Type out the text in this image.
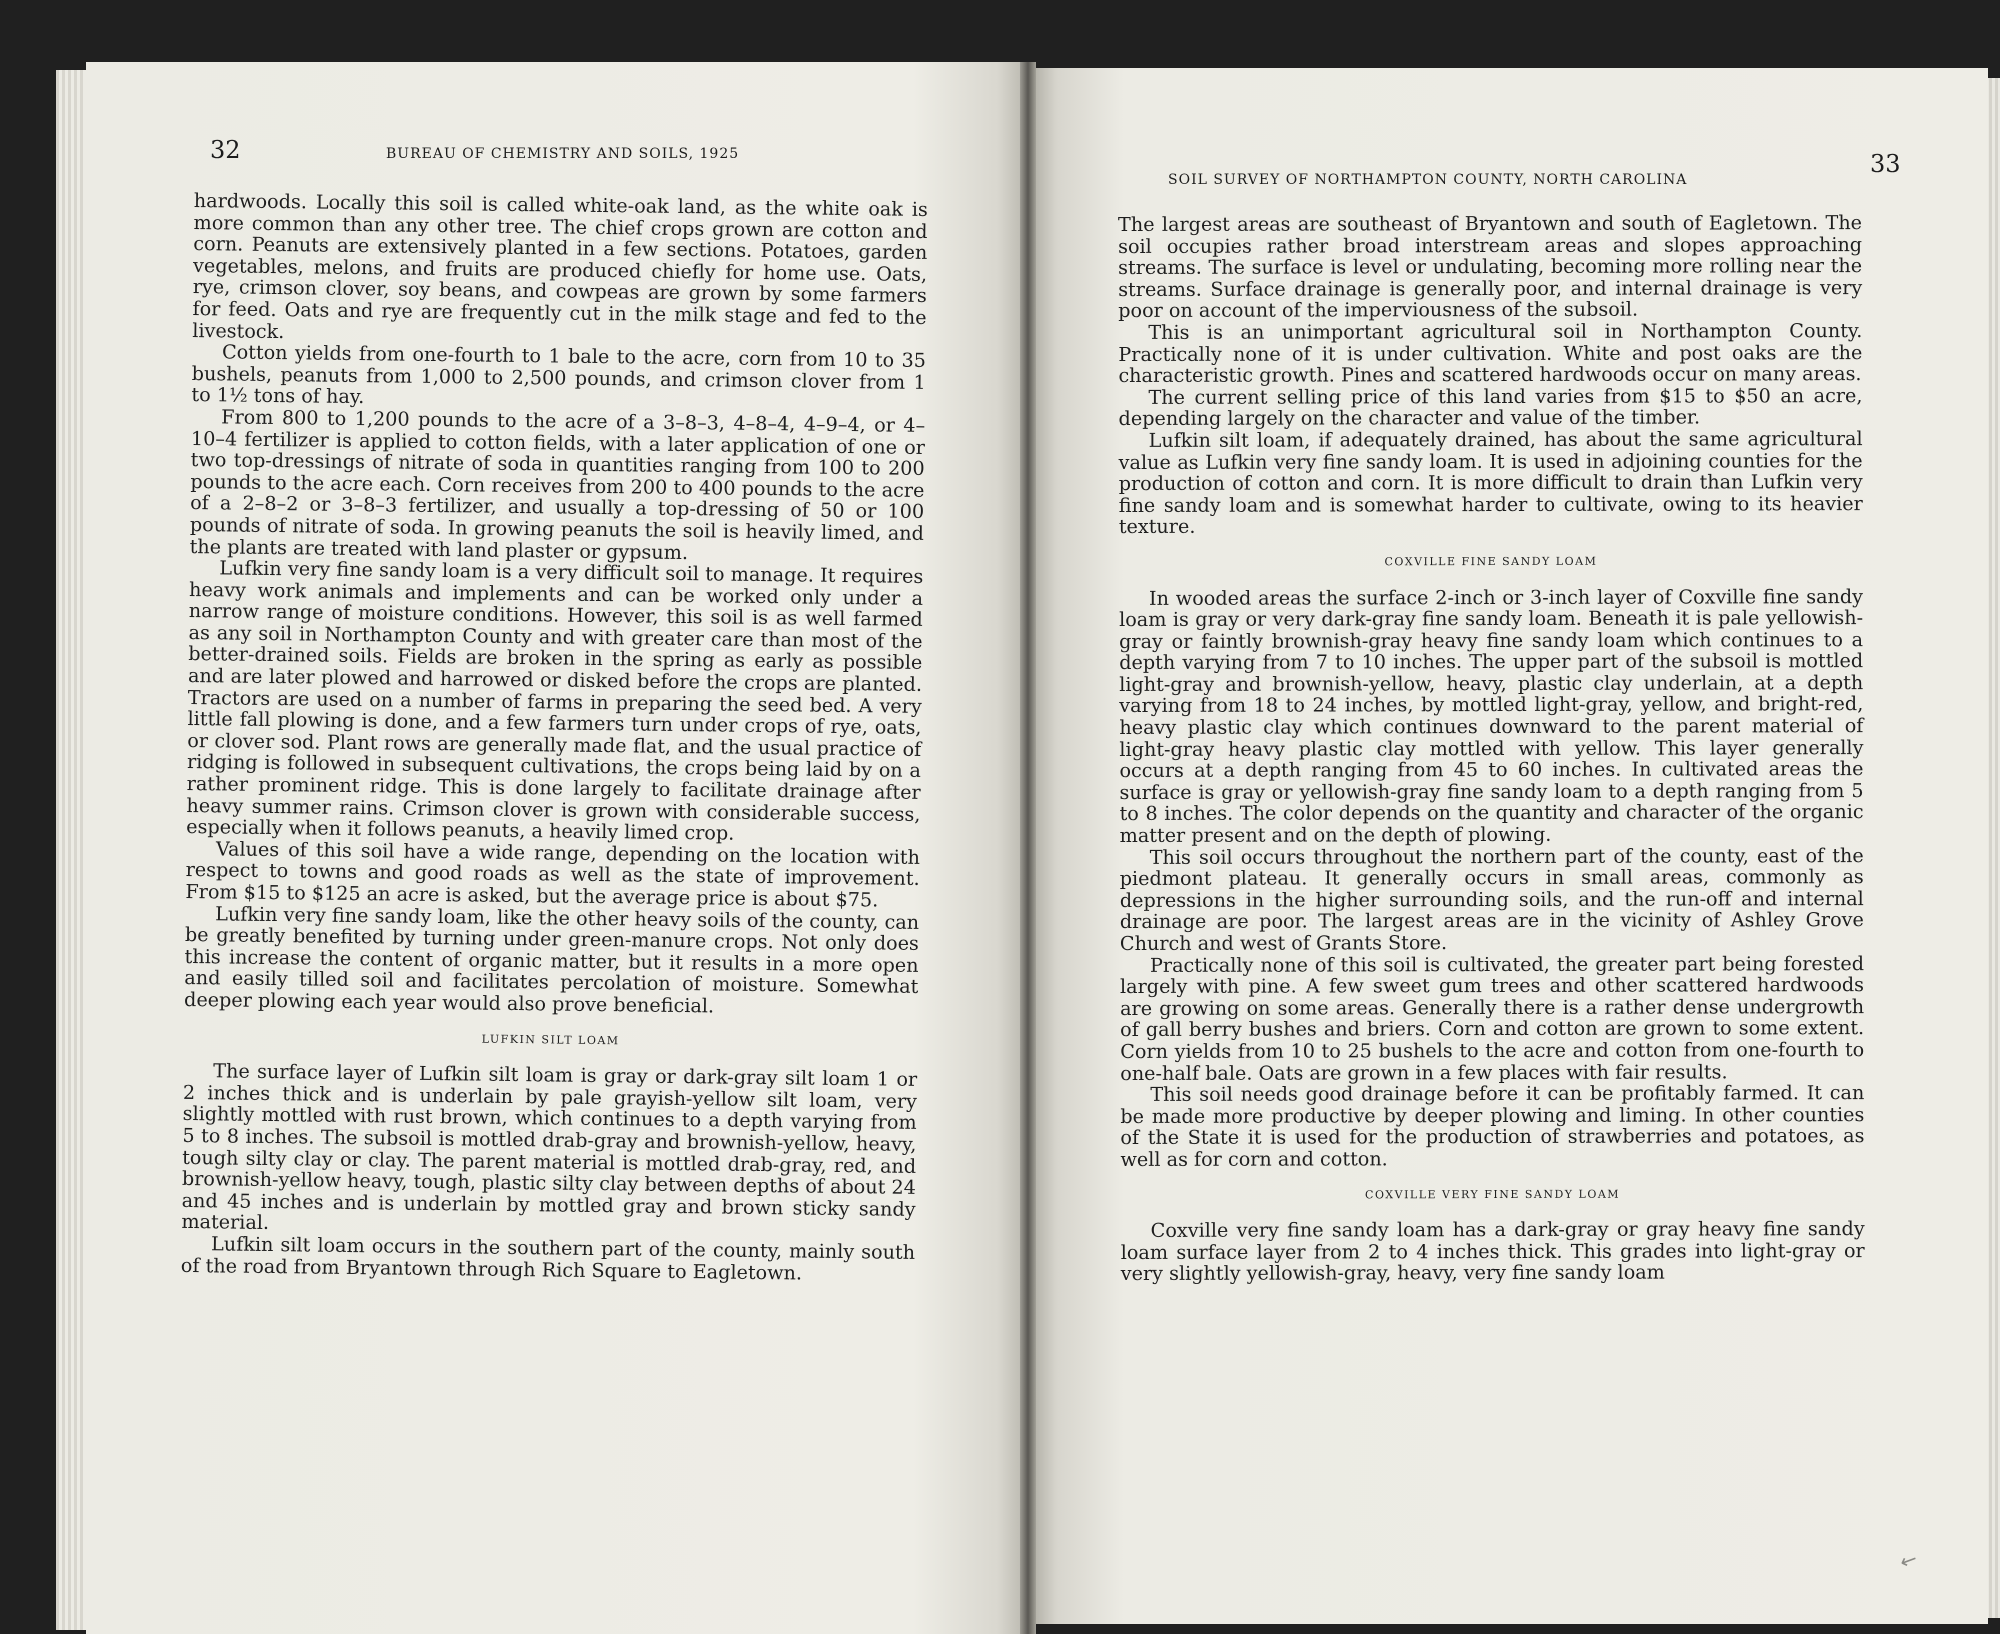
32	BUREAU OF CHEMISTRY AND SOILS, 1925

hardwoods. Locally this soil is called white-oak land, as the white oak is more common than any other tree. The chief crops grown are cotton and corn. Peanuts are extensively planted in a few sections. Potatoes, garden vegetables, melons, and fruits are produced chiefly for home use. Oats, rye, crimson clover, soy beans, and cowpeas are grown by some farmers for feed. Oats and rye are frequently cut in the milk stage and fed to the livestock.

Cotton yields from one-fourth to 1 bale to the acre, corn from 10 to 35 bushels, peanuts from 1,000 to 2,500 pounds, and crimson clover from 1 to 1½ tons of hay.

From 800 to 1,200 pounds to the acre of a 3–8–3, 4–8–4, 4–9–4, or 4–10–4 fertilizer is applied to cotton fields, with a later application of one or two top-dressings of nitrate of soda in quantities ranging from 100 to 200 pounds to the acre each. Corn receives from 200 to 400 pounds to the acre of a 2–8–2 or 3–8–3 fertilizer, and usually a top-dressing of 50 or 100 pounds of nitrate of soda. In growing peanuts the soil is heavily limed, and the plants are treated with land plaster or gypsum.

Lufkin very fine sandy loam is a very difficult soil to manage. It requires heavy work animals and implements and can be worked only under a narrow range of moisture conditions. However, this soil is as well farmed as any soil in Northampton County and with greater care than most of the better-drained soils. Fields are broken in the spring as early as possible and are later plowed and harrowed or disked before the crops are planted. Tractors are used on a number of farms in preparing the seed bed. A very little fall plowing is done, and a few farmers turn under crops of rye, oats, or clover sod. Plant rows are generally made flat, and the usual practice of ridging is followed in subsequent cultivations, the crops being laid by on a rather prominent ridge. This is done largely to facilitate drainage after heavy summer rains. Crimson clover is grown with considerable success, especially when it follows peanuts, a heavily limed crop.

Values of this soil have a wide range, depending on the location with respect to towns and good roads as well as the state of improvement. From $15 to $125 an acre is asked, but the average price is about $75.

Lufkin very fine sandy loam, like the other heavy soils of the county, can be greatly benefited by turning under green-manure crops. Not only does this increase the content of organic matter, but it results in a more open and easily tilled soil and facilitates percolation of moisture. Somewhat deeper plowing each year would also prove beneficial.

LUFKIN SILT LOAM

The surface layer of Lufkin silt loam is gray or dark-gray silt loam 1 or 2 inches thick and is underlain by pale grayish-yellow silt loam, very slightly mottled with rust brown, which continues to a depth varying from 5 to 8 inches. The subsoil is mottled drab-gray and brownish-yellow, heavy, tough silty clay or clay. The parent material is mottled drab-gray, red, and brownish-yellow heavy, tough, plastic silty clay between depths of about 24 and 45 inches and is underlain by mottled gray and brown sticky sandy material.

Lufkin silt loam occurs in the southern part of the county, mainly south of the road from Bryantown through Rich Square to Eagletown.

SOIL SURVEY OF NORTHAMPTON COUNTY, NORTH CAROLINA
33

The largest areas are southeast of Bryantown and south of Eagletown. The soil occupies rather broad interstream areas and slopes approaching streams. The surface is level or undulating, becoming more rolling near the streams. Surface drainage is generally poor, and internal drainage is very poor on account of the imperviousness of the subsoil.

This is an unimportant agricultural soil in Northampton County. Practically none of it is under cultivation. White and post oaks are the characteristic growth. Pines and scattered hardwoods occur on many areas.

The current selling price of this land varies from $15 to $50 an acre, depending largely on the character and value of the timber.

Lufkin silt loam, if adequately drained, has about the same agricultural value as Lufkin very fine sandy loam. It is used in adjoining counties for the production of cotton and corn. It is more difficult to drain than Lufkin very fine sandy loam and is somewhat harder to cultivate, owing to its heavier texture.

COXVILLE FINE SANDY LOAM

In wooded areas the surface 2-inch or 3-inch layer of Coxville fine sandy loam is gray or very dark-gray fine sandy loam. Beneath it is pale yellowish-gray or faintly brownish-gray heavy fine sandy loam which continues to a depth varying from 7 to 10 inches. The upper part of the subsoil is mottled light-gray and brownish-yellow, heavy, plastic clay underlain, at a depth varying from 18 to 24 inches, by mottled light-gray, yellow, and bright-red, heavy plastic clay which continues downward to the parent material of light-gray heavy plastic clay mottled with yellow. This layer generally occurs at a depth ranging from 45 to 60 inches. In cultivated areas the surface is gray or yellowish-gray fine sandy loam to a depth ranging from 5 to 8 inches. The color depends on the quantity and character of the organic matter present and on the depth of plowing.

This soil occurs throughout the northern part of the county, east of the piedmont plateau. It generally occurs in small areas, commonly as depressions in the higher surrounding soils, and the run-off and internal drainage are poor. The largest areas are in the vicinity of Ashley Grove Church and west of Grants Store.

Practically none of this soil is cultivated, the greater part being forested largely with pine. A few sweet gum trees and other scattered hardwoods are growing on some areas. Generally there is a rather dense undergrowth of gall berry bushes and briers. Corn and cotton are grown to some extent. Corn yields from 10 to 25 bushels to the acre and cotton from one-fourth to one-half bale. Oats are grown in a few places with fair results.

This soil needs good drainage before it can be profitably farmed. It can be made more productive by deeper plowing and liming. In other counties of the State it is used for the production of strawberries and potatoes, as well as for corn and cotton.

COXVILLE VERY FINE SANDY LOAM

Coxville very fine sandy loam has a dark-gray or gray heavy fine sandy loam surface layer from 2 to 4 inches thick. This grades into light-gray or very slightly yellowish-gray, heavy, very fine sandy loam

←
